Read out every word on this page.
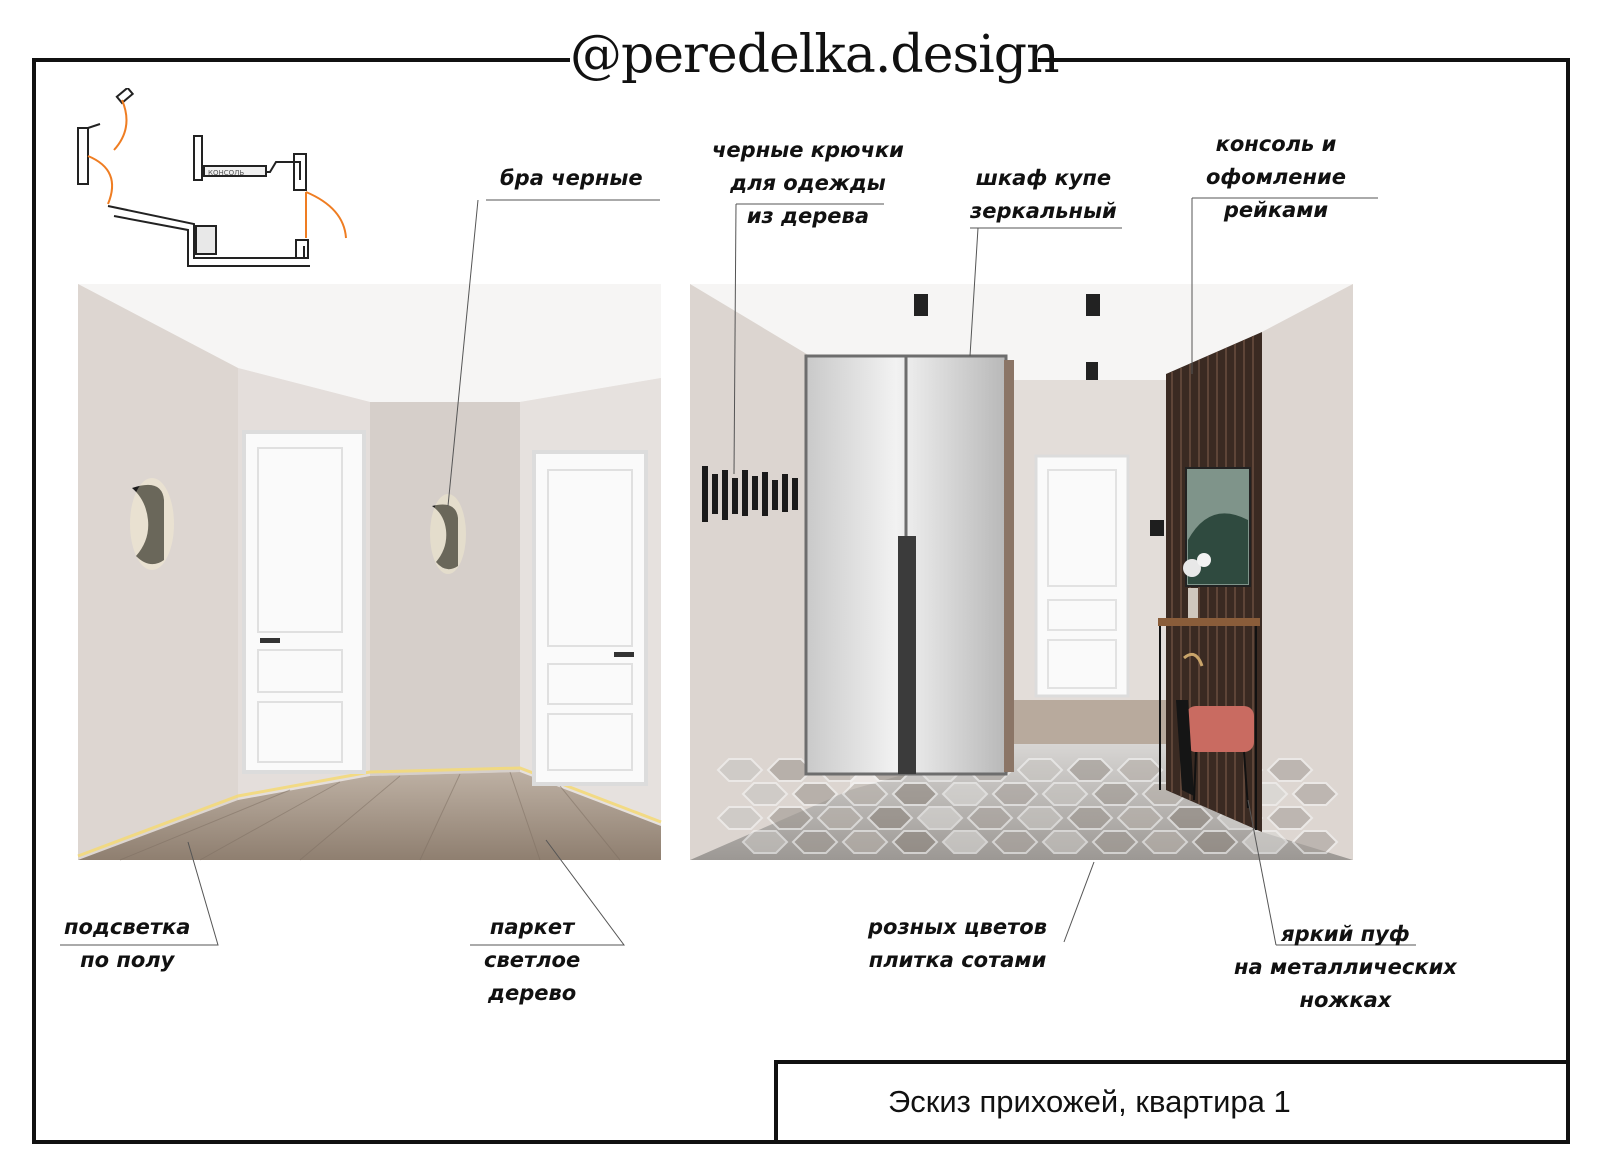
@peredelka.design
КОНСОЛЬ	бра черные
черные крючки
для одежды
из дерева
шкаф купе
зеркальный
консоль и
офомление
рейками
подсветка
по полу
паркет
светлое
дерево
розных цветов
плитка сотами
яркий пуф
на металлических
ножках
Эскиз прихожей, квартира 1
